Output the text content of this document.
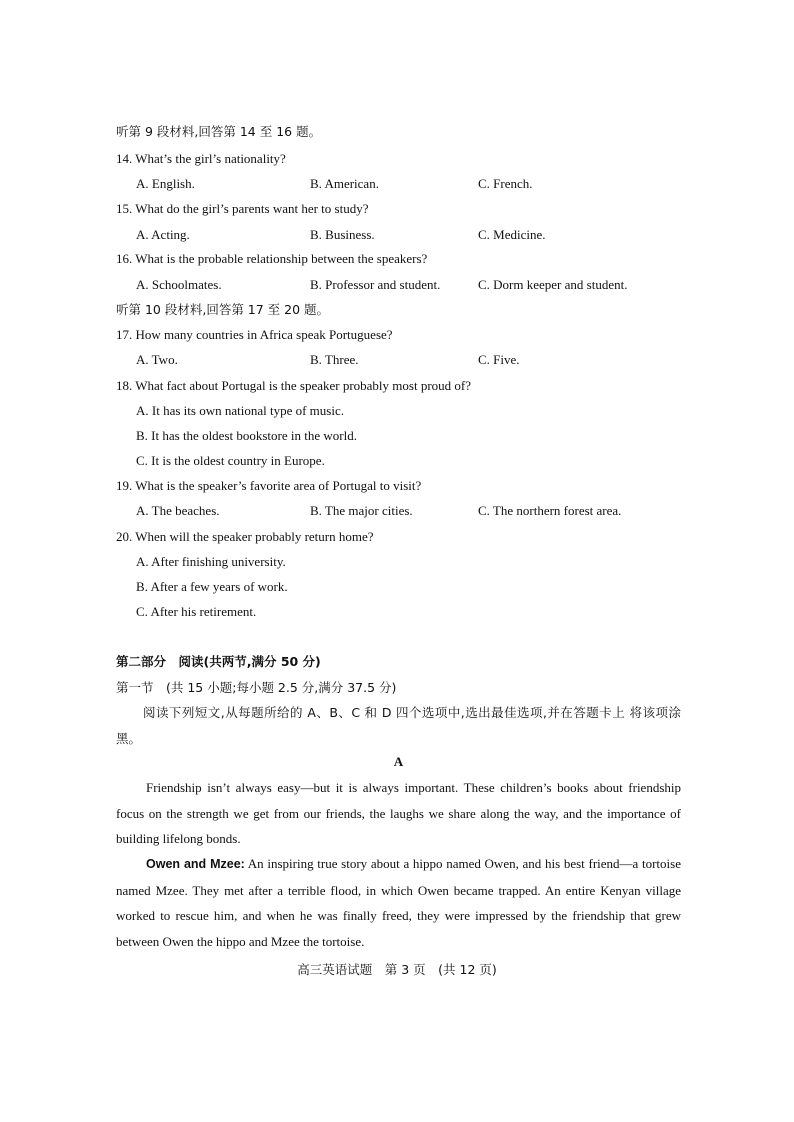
听第 9 段材料,回答第 14 至 16 题。
14. What’s the girl’s nationality?
A. English.	B. American.	C. French.
15. What do the girl’s parents want her to study?
A. Acting.	B. Business.	C. Medicine.
16. What is the probable relationship between the speakers?
A. Schoolmates.	B. Professor and student.	C. Dorm keeper and student.
听第 10 段材料,回答第 17 至 20 题。
17. How many countries in Africa speak Portuguese?
A. Two.	B. Three.	C. Five.
18. What fact about Portugal is the speaker probably most proud of?
A. It has its own national type of music.
B. It has the oldest bookstore in the world.
C. It is the oldest country in Europe.
19. What is the speaker’s favorite area of Portugal to visit?
A. The beaches.	B. The major cities.	C. The northern forest area.
20. When will the speaker probably return home?
A. After finishing university.
B. After a few years of work.
C. After his retirement.
第二部分　阅读(共两节,满分 50 分)
第一节　(共 15 小题;每小题 2.5 分,满分 37.5 分)
阅读下列短文,从每题所给的 A、B、C 和 D 四个选项中,选出最佳选项,并在答题卡上 将该项涂黑。
A
Friendship isn’t always easy—but it is always important. These children’s books about friendship focus on the strength we get from our friends, the laughs we share along the way, and the importance of building lifelong bonds.
Owen and Mzee: An inspiring true story about a hippo named Owen, and his best friend—a tortoise named Mzee. They met after a terrible flood, in which Owen became trapped. An entire Kenyan village worked to rescue him, and when he was finally freed, they were impressed by the friendship that grew between Owen the hippo and Mzee the tortoise.
高三英语试题　第 3 页　(共 12 页)
